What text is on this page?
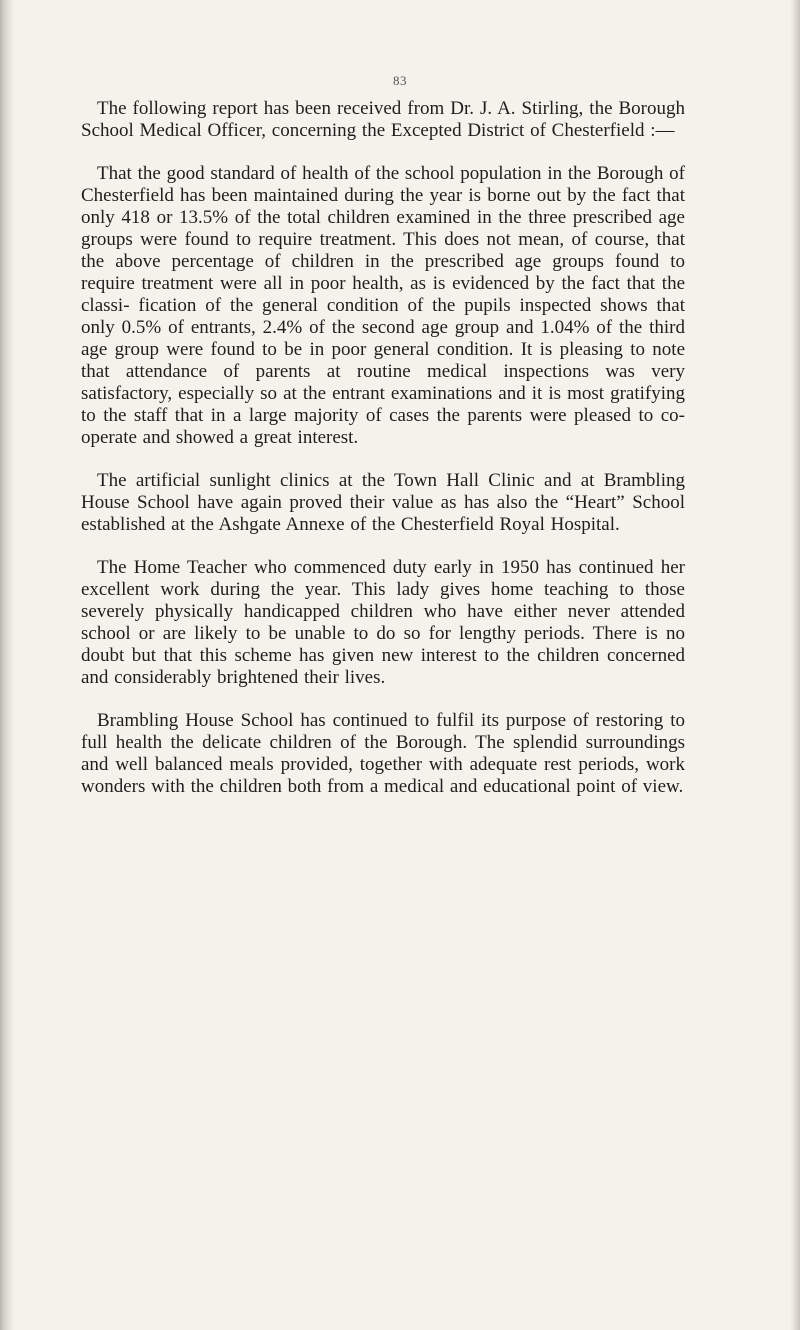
83

The following report has been received from Dr. J. A. Stirling, the Borough School Medical Officer, concerning the Excepted District of Chesterfield :—

That the good standard of health of the school population in the Borough of Chesterfield has been maintained during the year is borne out by the fact that only 418 or 13.5% of the total children examined in the three prescribed age groups were found to require treatment. This does not mean, of course, that the above percentage of children in the prescribed age groups found to require treatment were all in poor health, as is evidenced by the fact that the classi- fication of the general condition of the pupils inspected shows that only 0.5% of entrants, 2.4% of the second age group and 1.04% of the third age group were found to be in poor general condition. It is pleasing to note that attendance of parents at routine medical inspections was very satisfactory, especially so at the entrant examinations and it is most gratifying to the staff that in a large majority of cases the parents were pleased to co-operate and showed a great interest.

The artificial sunlight clinics at the Town Hall Clinic and at Brambling House School have again proved their value as has also the “Heart” School established at the Ashgate Annexe of the Chesterfield Royal Hospital.

The Home Teacher who commenced duty early in 1950 has continued her excellent work during the year. This lady gives home teaching to those severely physically handicapped children who have either never attended school or are likely to be unable to do so for lengthy periods. There is no doubt but that this scheme has given new interest to the children concerned and considerably brightened their lives.

Brambling House School has continued to fulfil its purpose of restoring to full health the delicate children of the Borough. The splendid surroundings and well balanced meals provided, together with adequate rest periods, work wonders with the children both from a medical and educational point of view.
